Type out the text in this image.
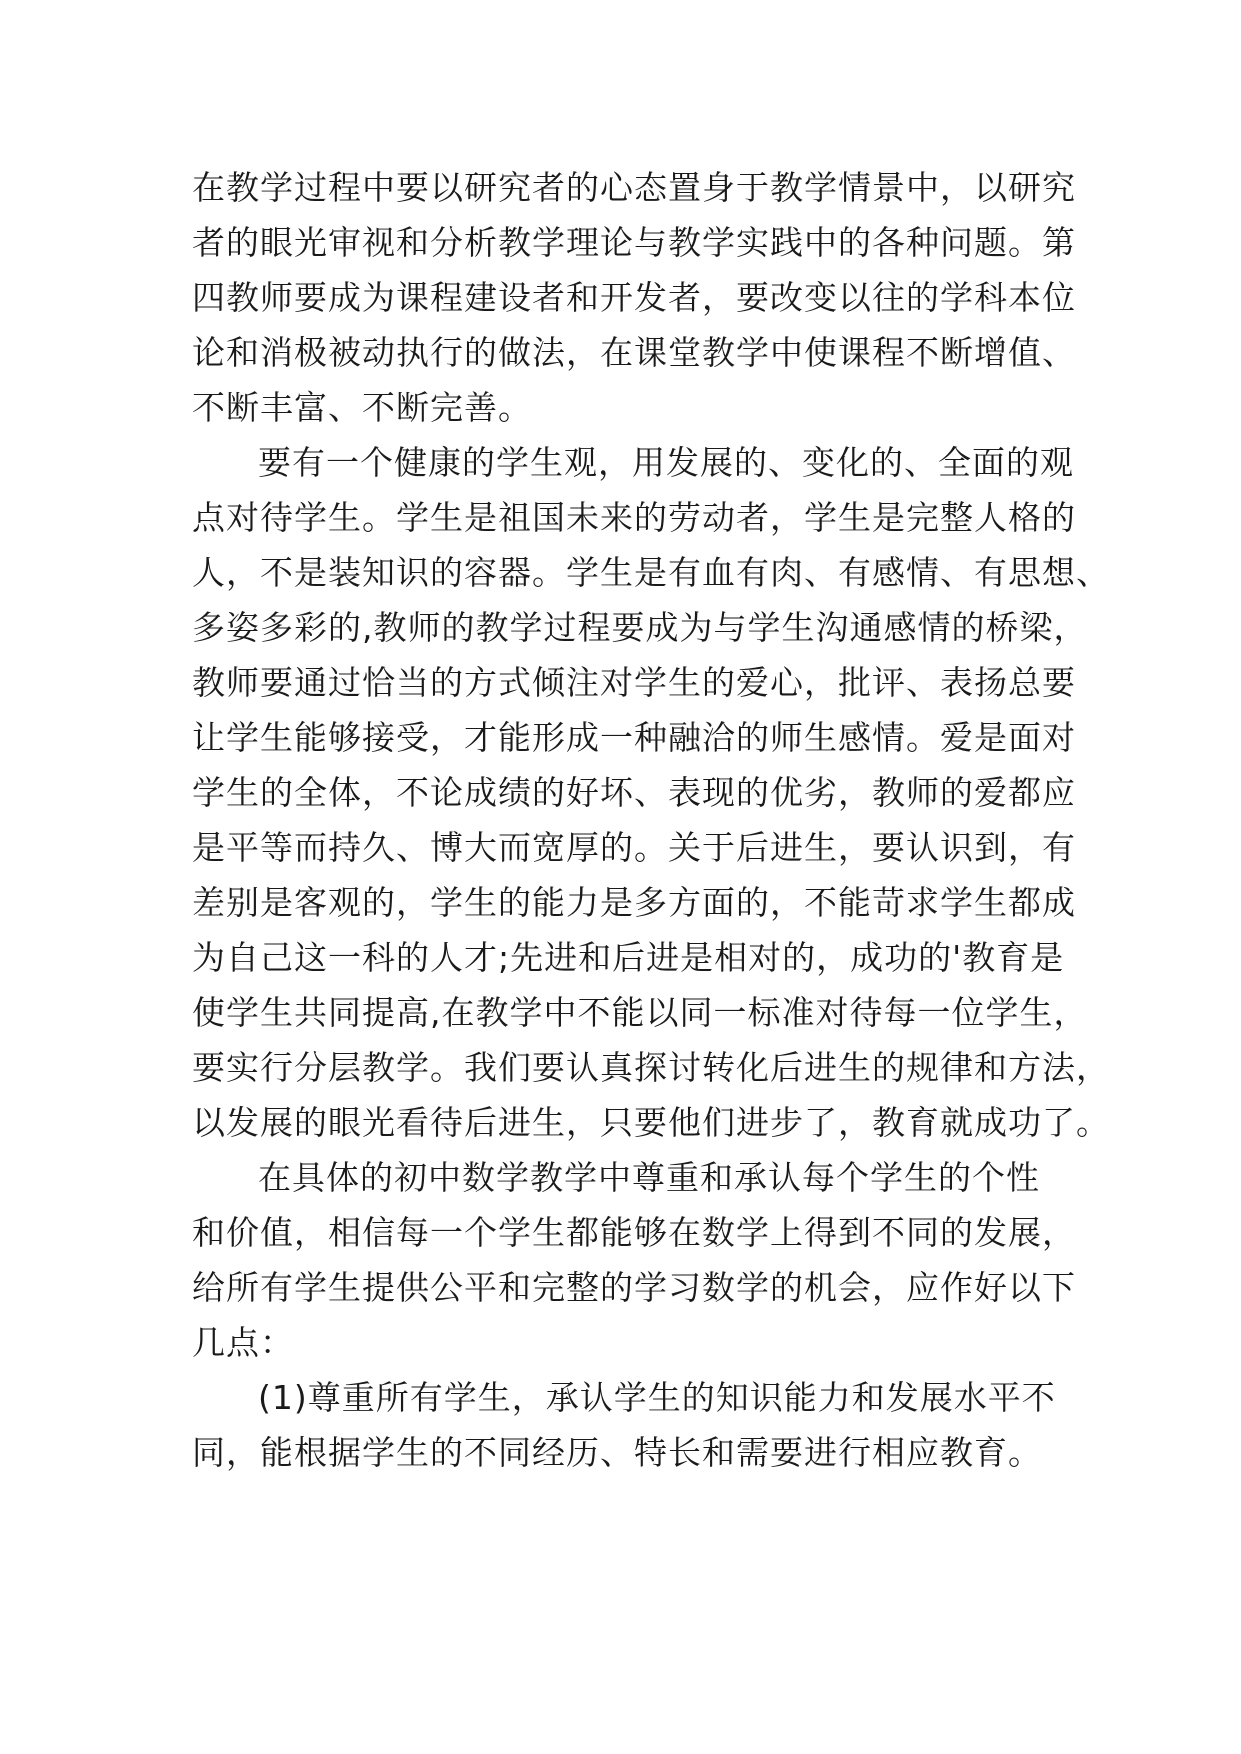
在教学过程中要以研究者的心态置身于教学情景中，以研究
者的眼光审视和分析教学理论与教学实践中的各种问题。第
四教师要成为课程建设者和开发者，要改变以往的学科本位
论和消极被动执行的做法，在课堂教学中使课程不断增值、
不断丰富、不断完善。
要有一个健康的学生观，用发展的、变化的、全面的观
点对待学生。学生是祖国未来的劳动者，学生是完整人格的
人，不是装知识的容器。学生是有血有肉、有感情、有思想、
多姿多彩的,教师的教学过程要成为与学生沟通感情的桥梁，
教师要通过恰当的方式倾注对学生的爱心，批评、表扬总要
让学生能够接受，才能形成一种融洽的师生感情。爱是面对
学生的全体，不论成绩的好坏、表现的优劣，教师的爱都应
是平等而持久、博大而宽厚的。关于后进生，要认识到，有
差别是客观的，学生的能力是多方面的，不能苛求学生都成
为自己这一科的人才;先进和后进是相对的，成功的'教育是
使学生共同提高,在教学中不能以同一标准对待每一位学生，
要实行分层教学。我们要认真探讨转化后进生的规律和方法，
以发展的眼光看待后进生，只要他们进步了，教育就成功了。
在具体的初中数学教学中尊重和承认每个学生的个性
和价值，相信每一个学生都能够在数学上得到不同的发展，
给所有学生提供公平和完整的学习数学的机会，应作好以下
几点：
(1)尊重所有学生，承认学生的知识能力和发展水平不
同，能根据学生的不同经历、特长和需要进行相应教育。
